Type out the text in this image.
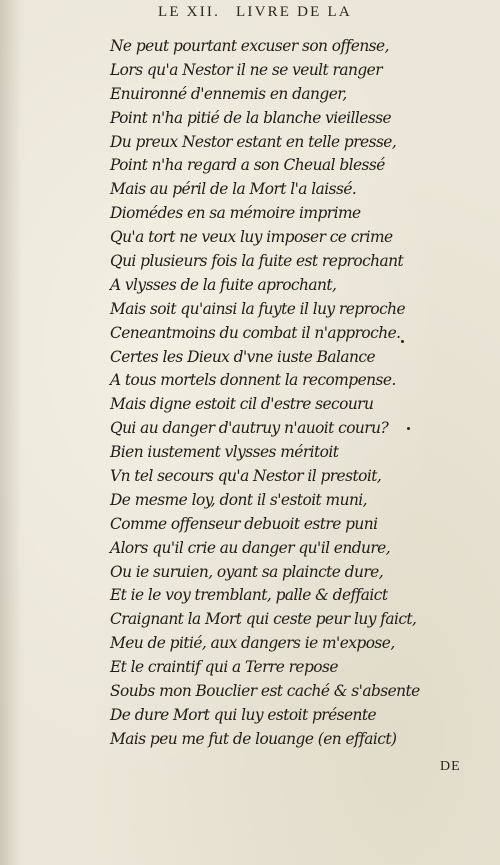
LE XII. LIVRE DE LA
Ne peut pourtant excuser son offense,
Lors qu'a Nestor il ne se veult ranger
Enuironné d'ennemis en danger,
Point n'ha pitié de la blanche vieillesse
Du preux Nestor estant en telle presse,
Point n'ha regard a son Cheual blessé
Mais au péril de la Mort l'a laissé.
Diomédes en sa mémoire imprime
Qu'a tort ne veux luy imposer ce crime
Qui plusieurs fois la fuite est reprochant
A vlysses de la fuite aprochant,
Mais soit qu'ainsi la fuyte il luy reproche
Ceneantmoins du combat il n'approche.
Certes les Dieux d'vne iuste Balance
A tous mortels donnent la recompense.
Mais digne estoit cil d'estre secouru
Qui au danger d'autruy n'auoit couru?
Bien iustement vlysses méritoit
Vn tel secours qu'a Nestor il prestoit,
De mesme loy, dont il s'estoit muni,
Comme offenseur debuoit estre puni
Alors qu'il crie au danger qu'il endure,
Ou ie suruien, oyant sa plaincte dure,
Et ie le voy tremblant, palle & deffaict
Craignant la Mort qui ceste peur luy faict,
Meu de pitié, aux dangers ie m'expose,
Et le craintif qui a Terre repose
Soubs mon Bouclier est caché & s'absente
De dure Mort qui luy estoit présente
Mais peu me fut de louange (en effaict)
DE
